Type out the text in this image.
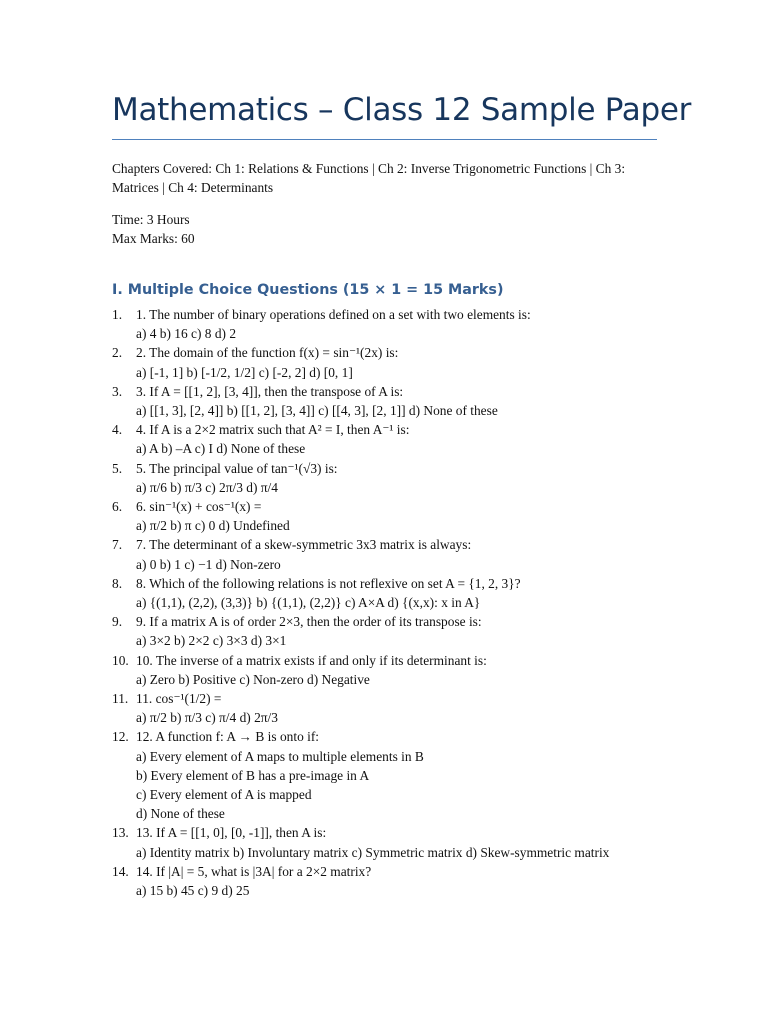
Mathematics – Class 12 Sample Paper
Chapters Covered: Ch 1: Relations & Functions | Ch 2: Inverse Trigonometric Functions | Ch 3: Matrices | Ch 4: Determinants
Time: 3 Hours
Max Marks: 60
I. Multiple Choice Questions (15 × 1 = 15 Marks)
1.	1. The number of binary operations defined on a set with two elements is:
a) 4 b) 16 c) 8 d) 2
2.	2. The domain of the function f(x) = sin⁻¹(2x) is:
a) [-1, 1] b) [-1/2, 1/2] c) [-2, 2] d) [0, 1]
3.	3. If A = [[1, 2], [3, 4]], then the transpose of A is:
a) [[1, 3], [2, 4]] b) [[1, 2], [3, 4]] c) [[4, 3], [2, 1]] d) None of these
4.	4. If A is a 2×2 matrix such that A² = I, then A⁻¹ is:
a) A b) –A c) I d) None of these
5.	5. The principal value of tan⁻¹(√3) is:
a) π/6 b) π/3 c) 2π/3 d) π/4
6.	6. sin⁻¹(x) + cos⁻¹(x) =
a) π/2 b) π c) 0 d) Undefined
7.	7. The determinant of a skew-symmetric 3x3 matrix is always:
a) 0 b) 1 c) −1 d) Non-zero
8.	8. Which of the following relations is not reflexive on set A = {1, 2, 3}?
a) {(1,1), (2,2), (3,3)} b) {(1,1), (2,2)} c) A×A d) {(x,x): x in A}
9.	9. If a matrix A is of order 2×3, then the order of its transpose is:
a) 3×2 b) 2×2 c) 3×3 d) 3×1
10. 10. The inverse of a matrix exists if and only if its determinant is:
a) Zero b) Positive c) Non-zero d) Negative
11. 11. cos⁻¹(1/2) =
a) π/2 b) π/3 c) π/4 d) 2π/3
12. 12. A function f: A → B is onto if:
a) Every element of A maps to multiple elements in B
b) Every element of B has a pre-image in A
c) Every element of A is mapped
d) None of these
13. 13. If A = [[1, 0], [0, -1]], then A is:
a) Identity matrix b) Involuntary matrix c) Symmetric matrix d) Skew-symmetric matrix
14. 14. If |A| = 5, what is |3A| for a 2×2 matrix?
a) 15 b) 45 c) 9 d) 25
